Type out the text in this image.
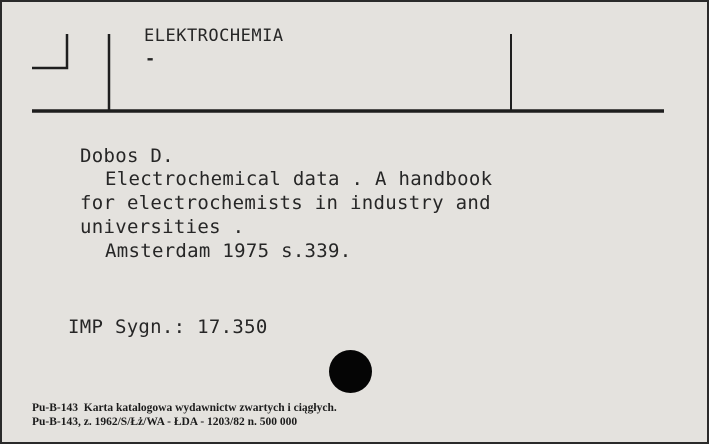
ELEKTROCHEMIA
-
Dobos D.
Electrochemical data . A handbook
for electrochemists in industry and
universities .
Amsterdam 1975 s.339.
IMP Sygn.: 17.350
Pu-B-143  Karta katalogowa wydawnictw zwartych i ciągłych.
Pu-B-143, z. 1962/S/Łż/WA - ŁDA - 1203/82 n. 500 000
